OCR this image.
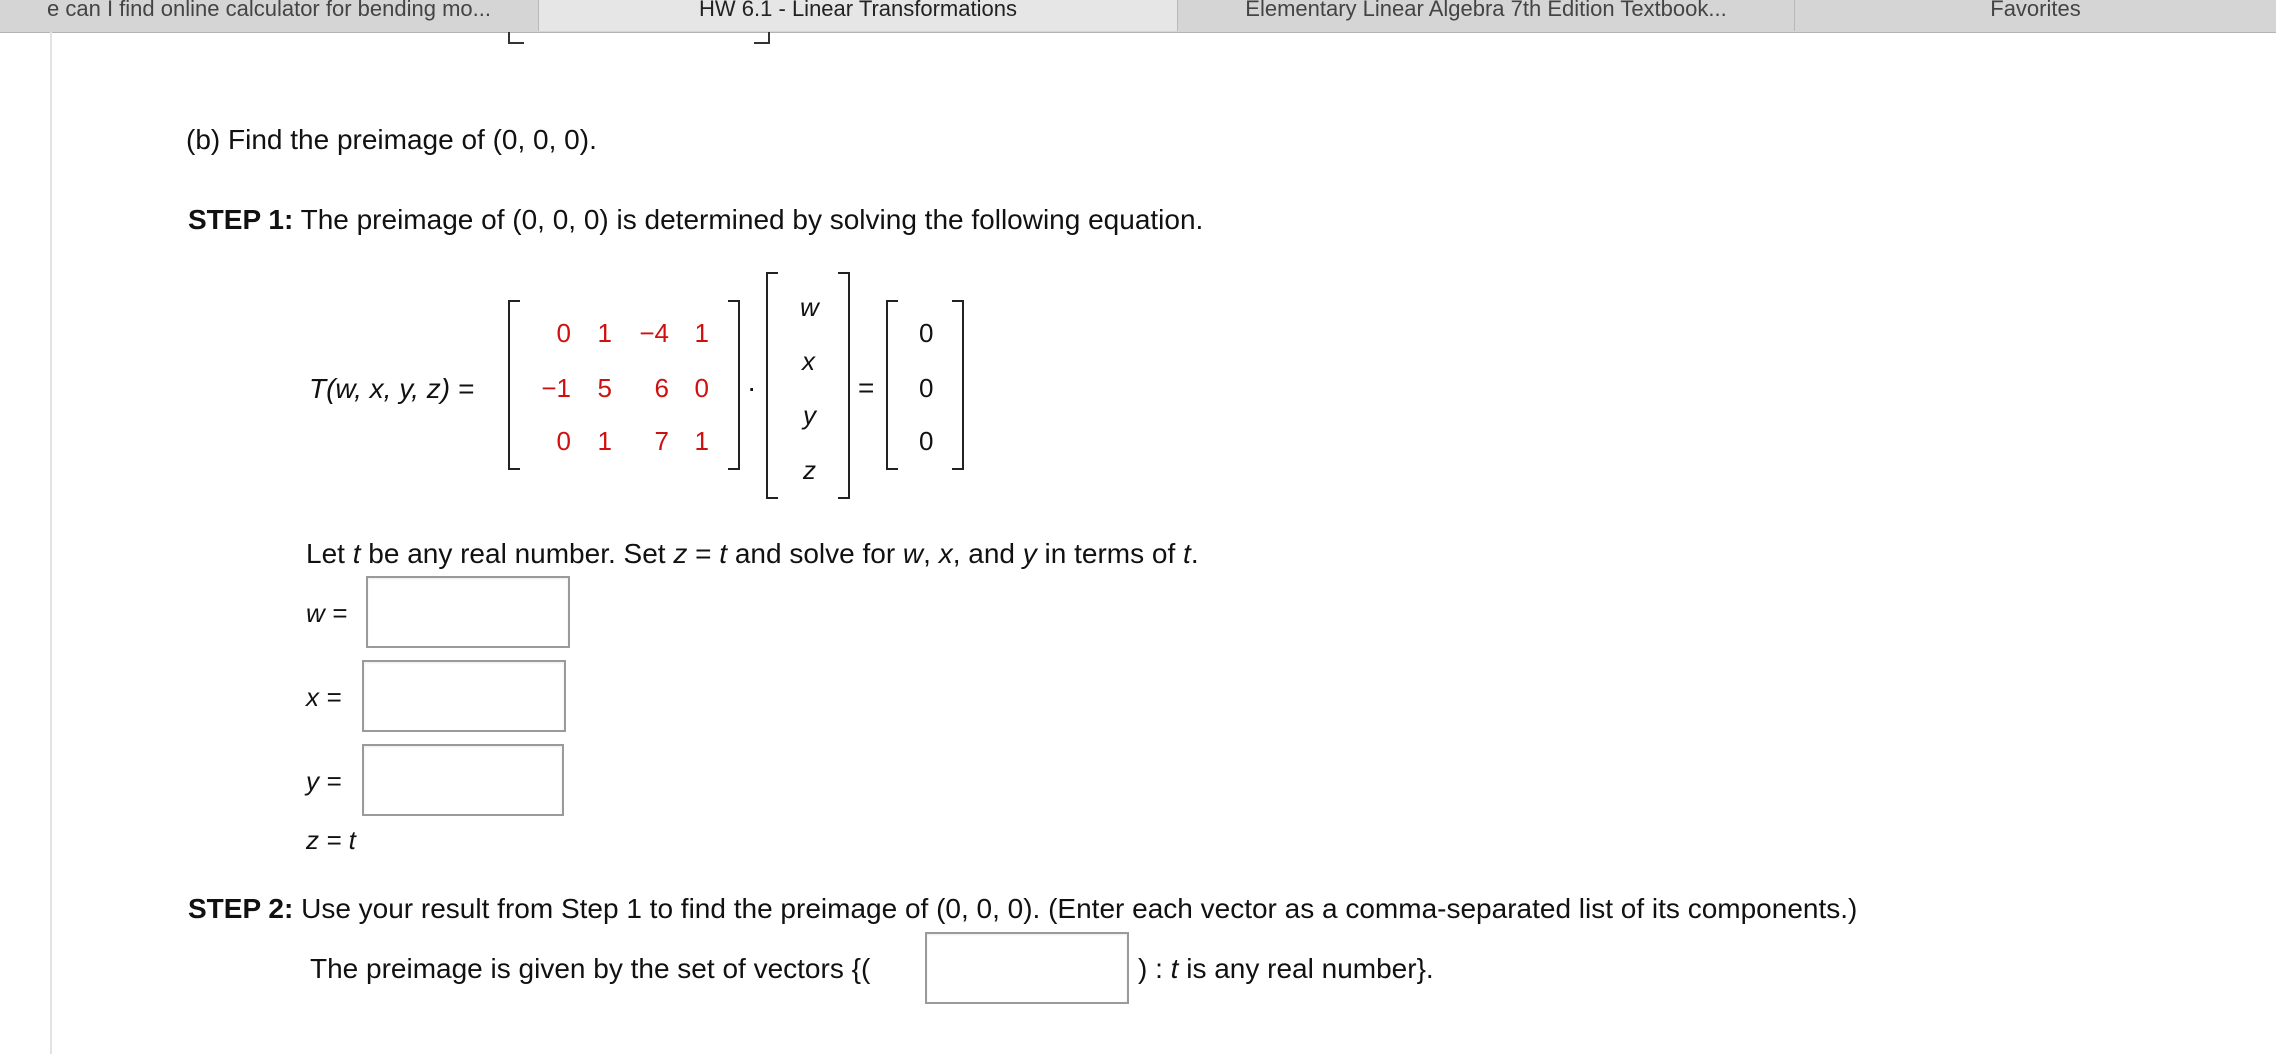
e can I find online calculator for bending mo...	HW 6.1 - Linear Transformations	Elementary Linear Algebra 7th Edition Textbook...	Favorites
(b) Find the preimage of (0, 0, 0).
STEP 1: The preimage of (0, 0, 0) is determined by solving the following equation.
T(w, x, y, z) =
0	1 −4 1
−1	5	6 0
0	1	7 1
·
w
x
y
z
=
0
0
0
Let t be any real number. Set z = t and solve for w, x, and y in terms of t.
w =
x =
y =
z = t
STEP 2: Use your result from Step 1 to find the preimage of (0, 0, 0). (Enter each vector as a comma-separated list of its components.)
The preimage is given by the set of vectors {(	) : t is any real number}.
